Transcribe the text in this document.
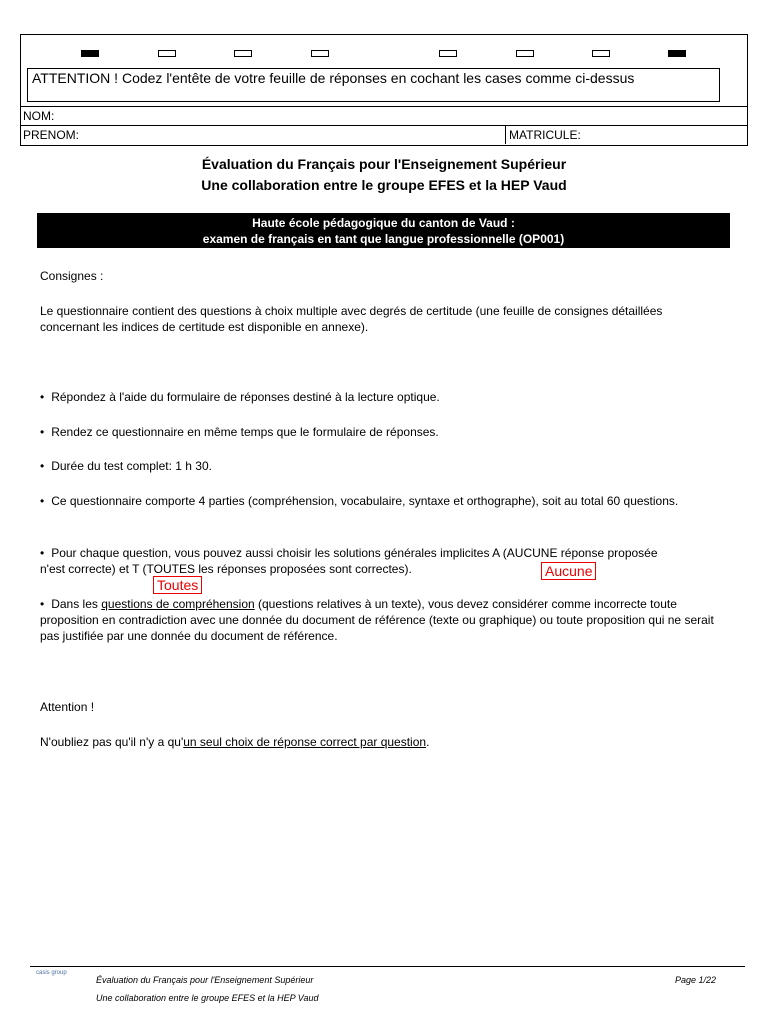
ATTENTION ! Codez l'entête de votre feuille de réponses en cochant les cases comme ci-dessus
NOM:
PRENOM:	MATRICULE:
Évaluation du Français pour l'Enseignement Supérieur
Une collaboration entre le groupe EFES et la HEP Vaud
Haute école pédagogique du canton de Vaud :
examen de français en tant que langue professionnelle (OP001)
Consignes :
Le questionnaire contient des questions à choix multiple avec degrés de certitude (une feuille de consignes détaillées concernant les indices de certitude est disponible en annexe).
• Répondez à l'aide du formulaire de réponses destiné à la lecture optique.
• Rendez ce questionnaire en même temps que le formulaire de réponses.
• Durée du test complet: 1 h 30.
• Ce questionnaire comporte 4 parties (compréhension, vocabulaire, syntaxe et orthographe), soit au total 60 questions.
• Pour chaque question, vous pouvez aussi choisir les solutions générales implicites A (AUCUNE réponse proposée
n'est correcte) et T (TOUTES les réponses proposées sont correctes).
Toutes
Aucune
• Dans les questions de compréhension (questions relatives à un texte), vous devez considérer comme incorrecte toute proposition en contradiction avec une donnée du document de référence (texte ou graphique) ou toute proposition qui ne serait pas justifiée par une donnée du document de référence.
Attention !
N'oubliez pas qu'il n'y a qu'un seul choix de réponse correct par question.
casis group
Évaluation du Français pour l'Enseignement Supérieur
Une collaboration entre le groupe EFES et la HEP Vaud
Page 1/22
